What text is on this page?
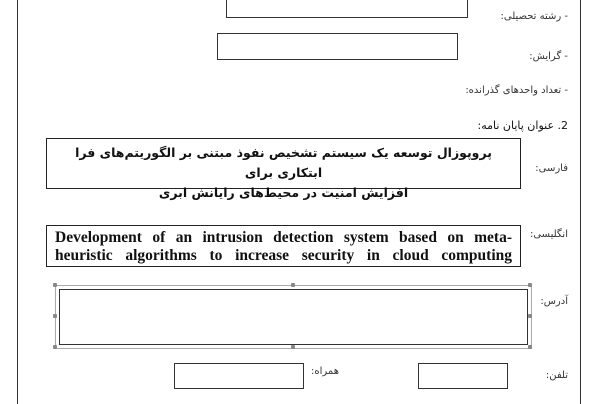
- رشته تحصیلی:
- گرایش:
- تعداد واحدهای گذرانده:
2. عنوان پایان نامه:
فارسی:
پروپوزال توسعه یک سیستم تشخیص نفوذ مبتنی بر الگوریتم‌های فرا ابتکاری برای
افزایش امنیت در محیط‌های رایانش ابری
انگلیسی:
Development of an intrusion detection system based on meta-
heuristic algorithms to increase security in cloud computing
آدرس:
تلفن:
همراه:
